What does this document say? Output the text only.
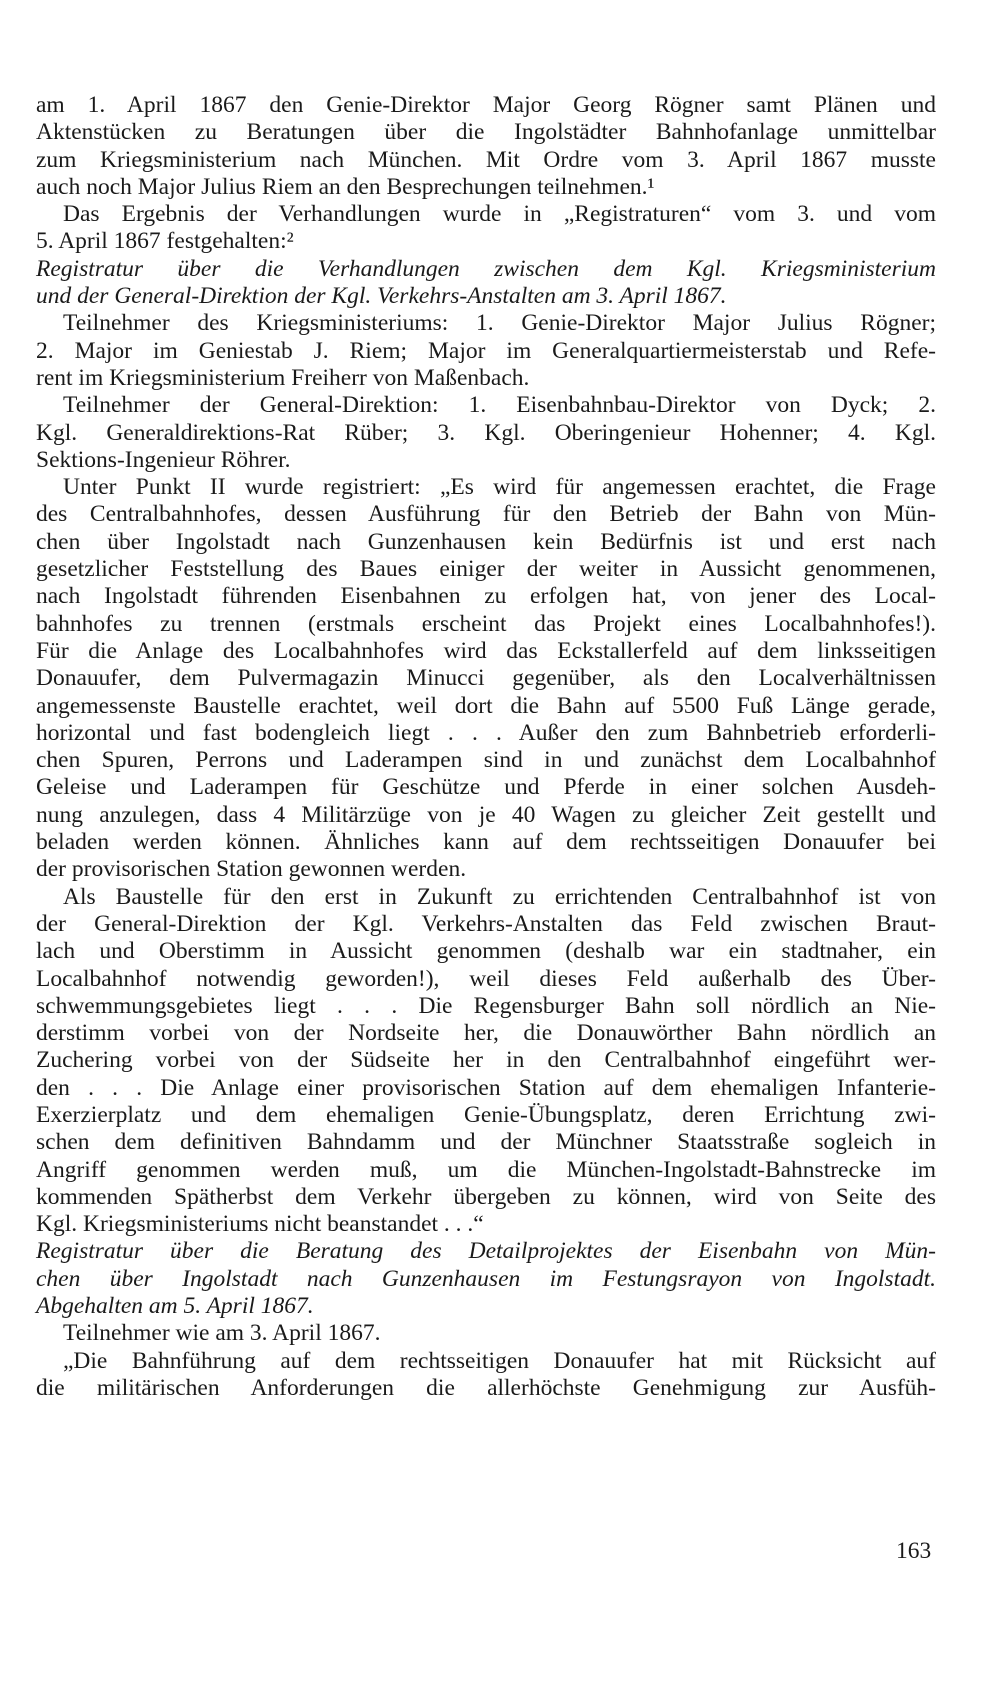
am 1. April 1867 den Genie-Direktor Major Georg Rögner samt Plänen und
Aktenstücken zu Beratungen über die Ingolstädter Bahnhofanlage unmittelbar
zum Kriegsministerium nach München. Mit Ordre vom 3. April 1867 musste
auch noch Major Julius Riem an den Besprechungen teilnehmen.¹
Das Ergebnis der Verhandlungen wurde in „Registraturen“ vom 3. und vom
5. April 1867 festgehalten:²
Registratur über die Verhandlungen zwischen dem Kgl. Kriegsministerium
und der General-Direktion der Kgl. Verkehrs-Anstalten am 3. April 1867.
Teilnehmer des Kriegsministeriums: 1. Genie-Direktor Major Julius Rögner;
2. Major im Geniestab J. Riem; Major im Generalquartiermeisterstab und Refe-
rent im Kriegsministerium Freiherr von Maßenbach.
Teilnehmer der General-Direktion: 1. Eisenbahnbau-Direktor von Dyck; 2.
Kgl. Generaldirektions-Rat Rüber; 3. Kgl. Oberingenieur Hohenner; 4. Kgl.
Sektions-Ingenieur Röhrer.
Unter Punkt II wurde registriert: „Es wird für angemessen erachtet, die Frage
des Centralbahnhofes, dessen Ausführung für den Betrieb der Bahn von Mün-
chen über Ingolstadt nach Gunzenhausen kein Bedürfnis ist und erst nach
gesetzlicher Feststellung des Baues einiger der weiter in Aussicht genommenen,
nach Ingolstadt führenden Eisenbahnen zu erfolgen hat, von jener des Local-
bahnhofes zu trennen (erstmals erscheint das Projekt eines Localbahnhofes!).
Für die Anlage des Localbahnhofes wird das Eckstallerfeld auf dem linksseitigen
Donauufer, dem Pulvermagazin Minucci gegenüber, als den Localverhältnissen
angemessenste Baustelle erachtet, weil dort die Bahn auf 5500 Fuß Länge gerade,
horizontal und fast bodengleich liegt . . . Außer den zum Bahnbetrieb erforderli-
chen Spuren, Perrons und Laderampen sind in und zunächst dem Localbahnhof
Geleise und Laderampen für Geschütze und Pferde in einer solchen Ausdeh-
nung anzulegen, dass 4 Militärzüge von je 40 Wagen zu gleicher Zeit gestellt und
beladen werden können. Ähnliches kann auf dem rechtsseitigen Donauufer bei
der provisorischen Station gewonnen werden.
Als Baustelle für den erst in Zukunft zu errichtenden Centralbahnhof ist von
der General-Direktion der Kgl. Verkehrs-Anstalten das Feld zwischen Braut-
lach und Oberstimm in Aussicht genommen (deshalb war ein stadtnaher, ein
Localbahnhof notwendig geworden!), weil dieses Feld außerhalb des Über-
schwemmungsgebietes liegt . . . Die Regensburger Bahn soll nördlich an Nie-
derstimm vorbei von der Nordseite her, die Donauwörther Bahn nördlich an
Zuchering vorbei von der Südseite her in den Centralbahnhof eingeführt wer-
den . . . Die Anlage einer provisorischen Station auf dem ehemaligen Infanterie-
Exerzierplatz und dem ehemaligen Genie-Übungsplatz, deren Errichtung zwi-
schen dem definitiven Bahndamm und der Münchner Staatsstraße sogleich in
Angriff genommen werden muß, um die München-Ingolstadt-Bahnstrecke im
kommenden Spätherbst dem Verkehr übergeben zu können, wird von Seite des
Kgl. Kriegsministeriums nicht beanstandet . . .“
Registratur über die Beratung des Detailprojektes der Eisenbahn von Mün-
chen über Ingolstadt nach Gunzenhausen im Festungsrayon von Ingolstadt.
Abgehalten am 5. April 1867.
Teilnehmer wie am 3. April 1867.
„Die Bahnführung auf dem rechtsseitigen Donauufer hat mit Rücksicht auf
die militärischen Anforderungen die allerhöchste Genehmigung zur Ausfüh-
163
